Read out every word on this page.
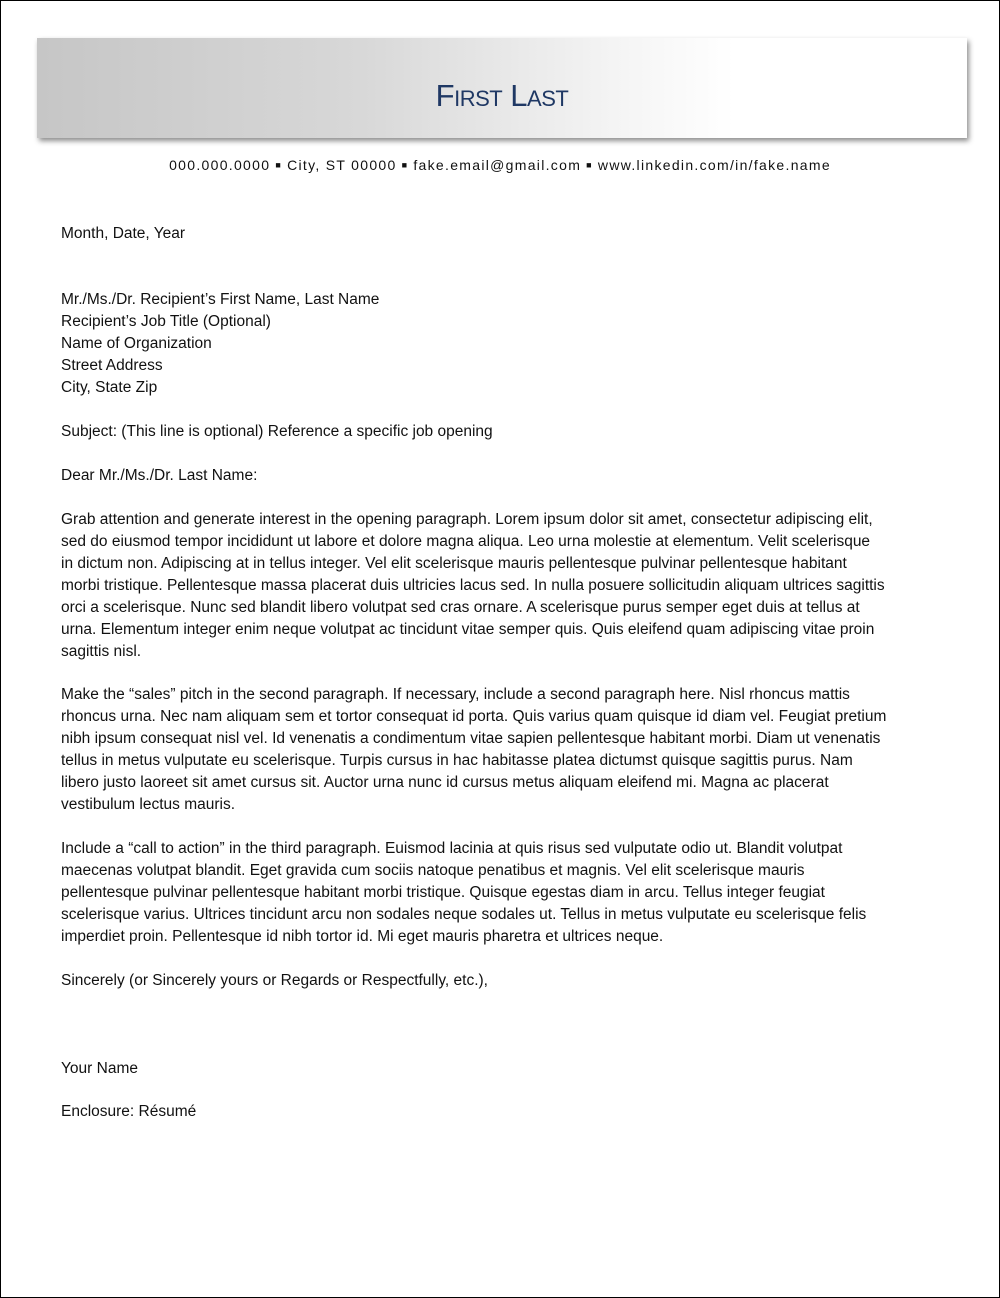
First Last
000.000.0000 ■ City, ST 00000 ■ fake.email@gmail.com ■ www.linkedin.com/in/fake.name
Month, Date, Year
Mr./Ms./Dr. Recipient’s First Name, Last Name
Recipient’s Job Title (Optional)
Name of Organization
Street Address
City, State Zip
Subject: (This line is optional) Reference a specific job opening
Dear Mr./Ms./Dr. Last Name:
Grab attention and generate interest in the opening paragraph. Lorem ipsum dolor sit amet, consectetur adipiscing elit,
sed do eiusmod tempor incididunt ut labore et dolore magna aliqua. Leo urna molestie at elementum. Velit scelerisque
in dictum non. Adipiscing at in tellus integer. Vel elit scelerisque mauris pellentesque pulvinar pellentesque habitant
morbi tristique. Pellentesque massa placerat duis ultricies lacus sed. In nulla posuere sollicitudin aliquam ultrices sagittis
orci a scelerisque. Nunc sed blandit libero volutpat sed cras ornare. A scelerisque purus semper eget duis at tellus at
urna. Elementum integer enim neque volutpat ac tincidunt vitae semper quis. Quis eleifend quam adipiscing vitae proin
sagittis nisl.
Make the “sales” pitch in the second paragraph. If necessary, include a second paragraph here. Nisl rhoncus mattis
rhoncus urna. Nec nam aliquam sem et tortor consequat id porta. Quis varius quam quisque id diam vel. Feugiat pretium
nibh ipsum consequat nisl vel. Id venenatis a condimentum vitae sapien pellentesque habitant morbi. Diam ut venenatis
tellus in metus vulputate eu scelerisque. Turpis cursus in hac habitasse platea dictumst quisque sagittis purus. Nam
libero justo laoreet sit amet cursus sit. Auctor urna nunc id cursus metus aliquam eleifend mi. Magna ac placerat
vestibulum lectus mauris.
Include a “call to action” in the third paragraph. Euismod lacinia at quis risus sed vulputate odio ut. Blandit volutpat
maecenas volutpat blandit. Eget gravida cum sociis natoque penatibus et magnis. Vel elit scelerisque mauris
pellentesque pulvinar pellentesque habitant morbi tristique. Quisque egestas diam in arcu. Tellus integer feugiat
scelerisque varius. Ultrices tincidunt arcu non sodales neque sodales ut. Tellus in metus vulputate eu scelerisque felis
imperdiet proin. Pellentesque id nibh tortor id. Mi eget mauris pharetra et ultrices neque.
Sincerely (or Sincerely yours or Regards or Respectfully, etc.),
Your Name
Enclosure: Résumé
